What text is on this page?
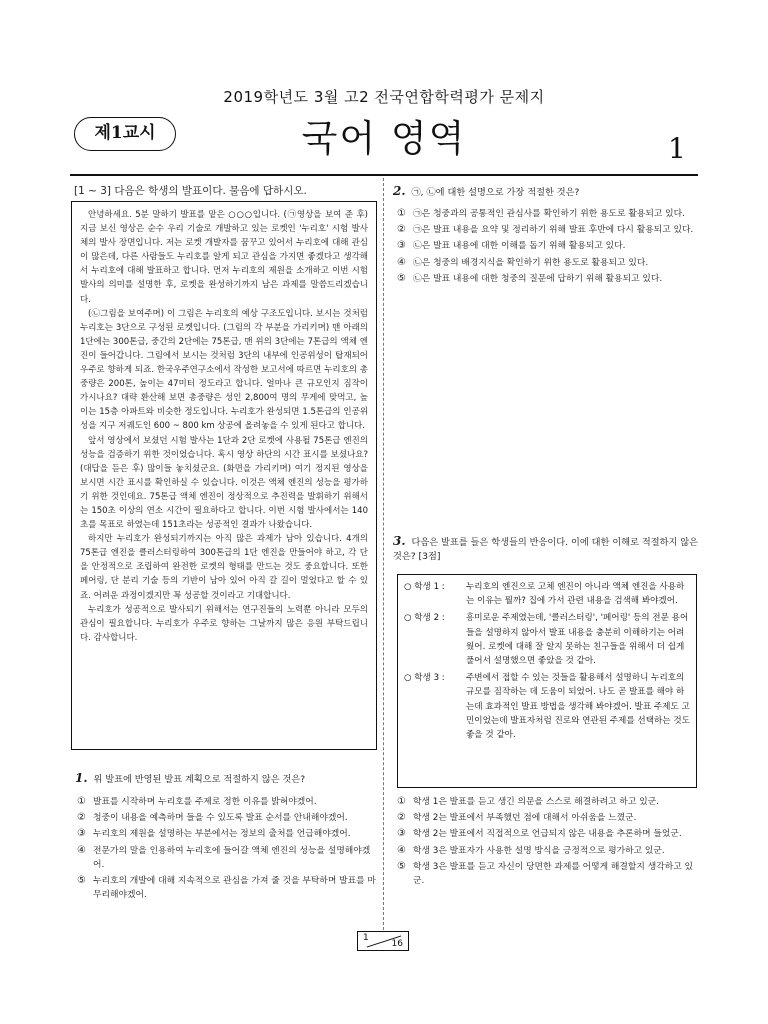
2019학년도 3월 고2 전국연합학력평가 문제지
제1교시	국어 영역	1
[1 ~ 3] 다음은 학생의 발표이다. 물음에 답하시오.

안녕하세요. 5분 말하기 발표를 맡은 ○○○입니다. (㉠영상을 보여 준 후) 지금 보신 영상은 순수 우리 기술로 개발하고 있는 로켓인 '누리호' 시험 발사체의 발사 장면입니다. 저는 로켓 개발자를 꿈꾸고 있어서 누리호에 대해 관심이 많은데, 다른 사람들도 누리호를 알게 되고 관심을 가지면 좋겠다고 생각해서 누리호에 대해 발표하고 합니다. 먼저 누리호의 제원을 소개하고 이번 시험 발사의 의미를 설명한 후, 로켓을 완성하기까지 남은 과제를 말씀드리겠습니다.

(㉡그림을 보여주며) 이 그림은 누리호의 예상 구조도입니다. 보시는 것처럼 누리호는 3단으로 구성된 로켓입니다. (그림의 각 부분을 가리키며) 맨 아래의 1단에는 300톤급, 중간의 2단에는 75톤급, 맨 위의 3단에는 7톤급의 액체 엔진이 들어갑니다. 그림에서 보시는 것처럼 3단의 내부에 인공위성이 탑재되어 우주로 향하게 되죠. 한국우주연구소에서 작성한 보고서에 따르면 누리호의 총중량은 200톤, 높이는 47미터 정도라고 합니다. 얼마나 큰 규모인지 짐작이 가시나요? 대략 환산해 보면 총중량은 성인 2,800여 명의 무게에 맞먹고, 높이는 15층 아파트와 비슷한 정도입니다. 누리호가 완성되면 1.5톤급의 인공위성을 지구 저궤도인 600 ~ 800 km 상공에 올려놓을 수 있게 된다고 합니다.

앞서 영상에서 보셨던 시험 발사는 1단과 2단 로켓에 사용될 75톤급 엔진의 성능을 검증하기 위한 것이었습니다. 혹시 영상 하단의 시간 표시를 보셨나요? (대답을 듣은 후) 많이들 놓치셨군요. (화면을 가리키며) 여기 정지된 영상을 보시면 시간 표시를 확인하실 수 있습니다. 이것은 액체 엔진의 성능을 평가하기 위한 것인데요. 75톤급 액체 엔진이 정상적으로 추진력을 발휘하기 위해서는 150초 이상의 연소 시간이 필요하다고 합니다. 이번 시험 발사에서는 140초를 목표로 하였는데 151초라는 성공적인 결과가 나왔습니다.

하지만 누리호가 완성되기까지는 아직 많은 과제가 남아 있습니다. 4개의 75톤급 엔진을 클러스터링하여 300톤급의 1단 엔진을 만들어야 하고, 각 단을 안정적으로 조립하여 완전한 로켓의 형태를 만드는 것도 중요합니다. 또한 페어링, 단 분리 기술 등의 기반이 남아 있어 아직 갈 길이 멀었다고 할 수 있죠. 어려운 과정이겠지만 꼭 성공할 것이라고 기대합니다.

누리호가 성공적으로 발사되기 위해서는 연구진들의 노력뿐 아니라 모두의 관심이 필요합니다. 누리호가 우주로 향하는 그날까지 많은 응원 부탁드립니다. 감사합니다.

1. 위 발표에 반영된 발표 계획으로 적절하지 않은 것은?
① 발표를 시작하며 누리호를 주제로 정한 이유를 밝혀야겠어.
② 청중이 내용을 예측하며 들을 수 있도록 발표 순서를 안내해야겠어.
③ 누리호의 제원을 설명하는 부분에서는 정보의 출처를 언급해야겠어.
④ 전문가의 말을 인용하여 누리호에 들어갈 액체 엔진의 성능을 설명해야겠어.
⑤ 누리호의 개발에 대해 지속적으로 관심을 가져 줄 것을 부탁하며 발표를 마무리해야겠어.
2. ㉠, ㉡에 대한 설명으로 가장 적절한 것은?
① ㉠은 청중과의 공통적인 관심사를 확인하기 위한 용도로 활용되고 있다.
② ㉠은 발표 내용을 요약 및 정리하기 위해 발표 후반에 다시 활용되고 있다.
③ ㉡은 발표 내용에 대한 이해를 돕기 위해 활용되고 있다.
④ ㉡은 청중의 배경지식을 확인하기 위한 용도로 활용되고 있다.
⑤ ㉡은 발표 내용에 대한 청중의 질문에 답하기 위해 활용되고 있다.
3. 다음은 발표를 들은 학생들의 반응이다. 이에 대한 이해로 적절하지 않은 것은? [3점]
○ 학생 1 :	누리호의 엔진으로 고체 엔진이 아니라 액체 엔진을 사용하는 이유는 뭘까? 집에 가서 관련 내용을 검색해 봐야겠어.
○ 학생 2 :	흥미로운 주제였는데, '클러스터링', '페어링' 등의 전문 용어들을 설명하지 않아서 발표 내용을 충분히 이해하기는 어려웠어. 로켓에 대해 잘 알지 못하는 친구들을 위해서 더 쉽게 풀어서 설명했으면 좋았을 것 같아.
○ 학생 3 :	주변에서 접할 수 있는 것들을 활용해서 설명하니 누리호의 규모를 짐작하는 데 도움이 되었어. 나도 곧 발표를 해야 하는데 효과적인 발표 방법을 생각해 봐야겠어. 발표 주제도 고민이었는데 발표자처럼 진로와 연관된 주제를 선택하는 것도 좋을 것 같아.
① 학생 1은 발표를 듣고 생긴 의문을 스스로 해결하려고 하고 있군.
② 학생 2는 발표에서 부족했던 점에 대해서 아쉬움을 느꼈군.
③ 학생 2는 발표에서 직접적으로 언급되지 않은 내용을 추론하며 들었군.
④ 학생 3은 발표자가 사용한 설명 방식을 긍정적으로 평가하고 있군.
⑤ 학생 3은 발표를 듣고 자신이 당면한 과제를 어떻게 해결할지 생각하고 있군.
1
16
